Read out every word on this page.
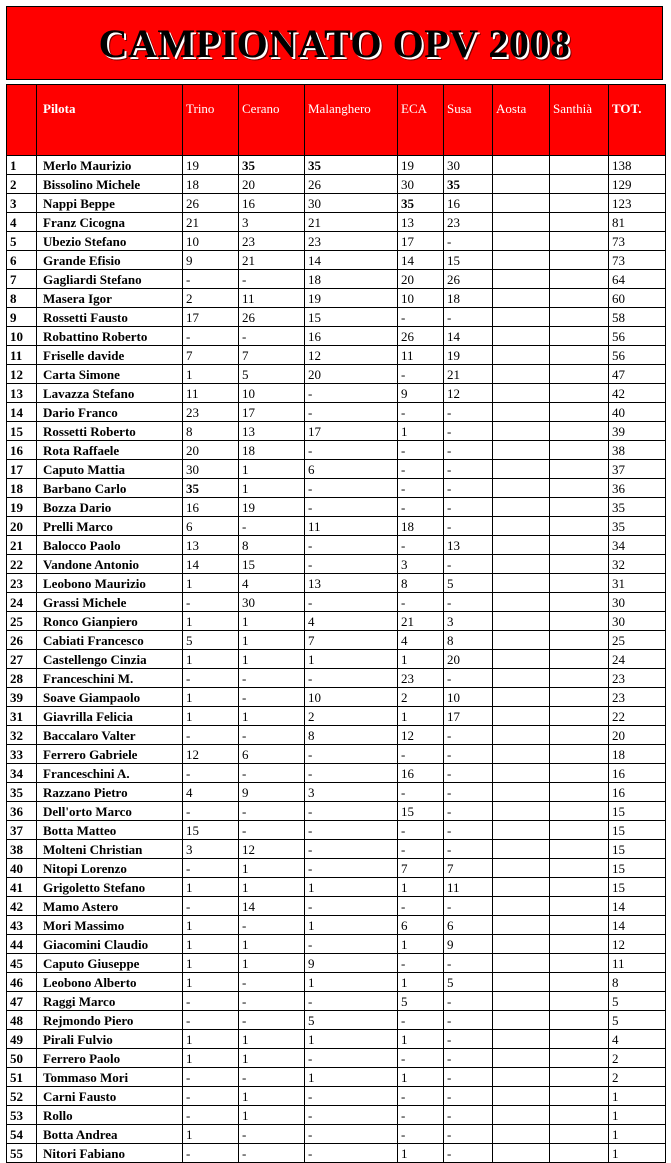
CAMPIONATO OPV 2008
	Pilota	Trino	Cerano	Malanghero	ECA	Susa	Aosta	Santhià	TOT.
1	Merlo Maurizio	19	35	35	19	30			138
2	Bissolino Michele	18	20	26	30	35			129
3	Nappi Beppe	26	16	30	35	16			123
4	Franz Cicogna	21	3	21	13	23			81
5	Ubezio Stefano	10	23	23	17	-			73
6	Grande Efisio	9	21	14	14	15			73
7	Gagliardi Stefano	-	-	18	20	26			64
8	Masera Igor	2	11	19	10	18			60
9	Rossetti Fausto	17	26	15	-	-			58
10	Robattino Roberto	-	-	16	26	14			56
11	Friselle davide	7	7	12	11	19			56
12	Carta Simone	1	5	20	-	21			47
13	Lavazza Stefano	11	10	-	9	12			42
14	Dario Franco	23	17	-	-	-			40
15	Rossetti Roberto	8	13	17	1	-			39
16	Rota Raffaele	20	18	-	-	-			38
17	Caputo Mattia	30	1	6	-	-			37
18	Barbano Carlo	35	1	-	-	-			36
19	Bozza Dario	16	19	-	-	-			35
20	Prelli Marco	6	-	11	18	-			35
21	Balocco Paolo	13	8	-	-	13			34
22	Vandone Antonio	14	15	-	3	-			32
23	Leobono Maurizio	1	4	13	8	5			31
24	Grassi Michele	-	30	-	-	-			30
25	Ronco Gianpiero	1	1	4	21	3			30
26	Cabiati Francesco	5	1	7	4	8			25
27	Castellengo Cinzia	1	1	1	1	20			24
28	Franceschini M.	-	-	-	23	-			23
39	Soave Giampaolo	1	-	10	2	10			23
31	Giavrilla Felicia	1	1	2	1	17			22
32	Baccalaro Valter	-	-	8	12	-			20
33	Ferrero Gabriele	12	6	-	-	-			18
34	Franceschini A.	-	-	-	16	-			16
35	Razzano Pietro	4	9	3	-	-			16
36	Dell'orto Marco	-	-	-	15	-			15
37	Botta Matteo	15	-	-	-	-			15
38	Molteni Christian	3	12	-	-	-			15
40	Nitopi Lorenzo	-	1	-	7	7			15
41	Grigoletto Stefano	1	1	1	1	11			15
42	Mamo Astero	-	14	-	-	-			14
43	Mori Massimo	1	-	1	6	6			14
44	Giacomini Claudio	1	1	-	1	9			12
45	Caputo Giuseppe	1	1	9	-	-			11
46	Leobono Alberto	1	-	1	1	5			8
47	Raggi Marco	-	-	-	5	-			5
48	Rejmondo Piero	-	-	5	-	-			5
49	Pirali Fulvio	1	1	1	1	-			4
50	Ferrero Paolo	1	1	-	-	-			2
51	Tommaso Mori	-	-	1	1	-			2
52	Carni Fausto	-	1	-	-	-			1
53	Rollo	-	1	-	-	-			1
54	Botta Andrea	1	-	-	-	-			1
55	Nitori Fabiano	-	-	-	1	-			1
